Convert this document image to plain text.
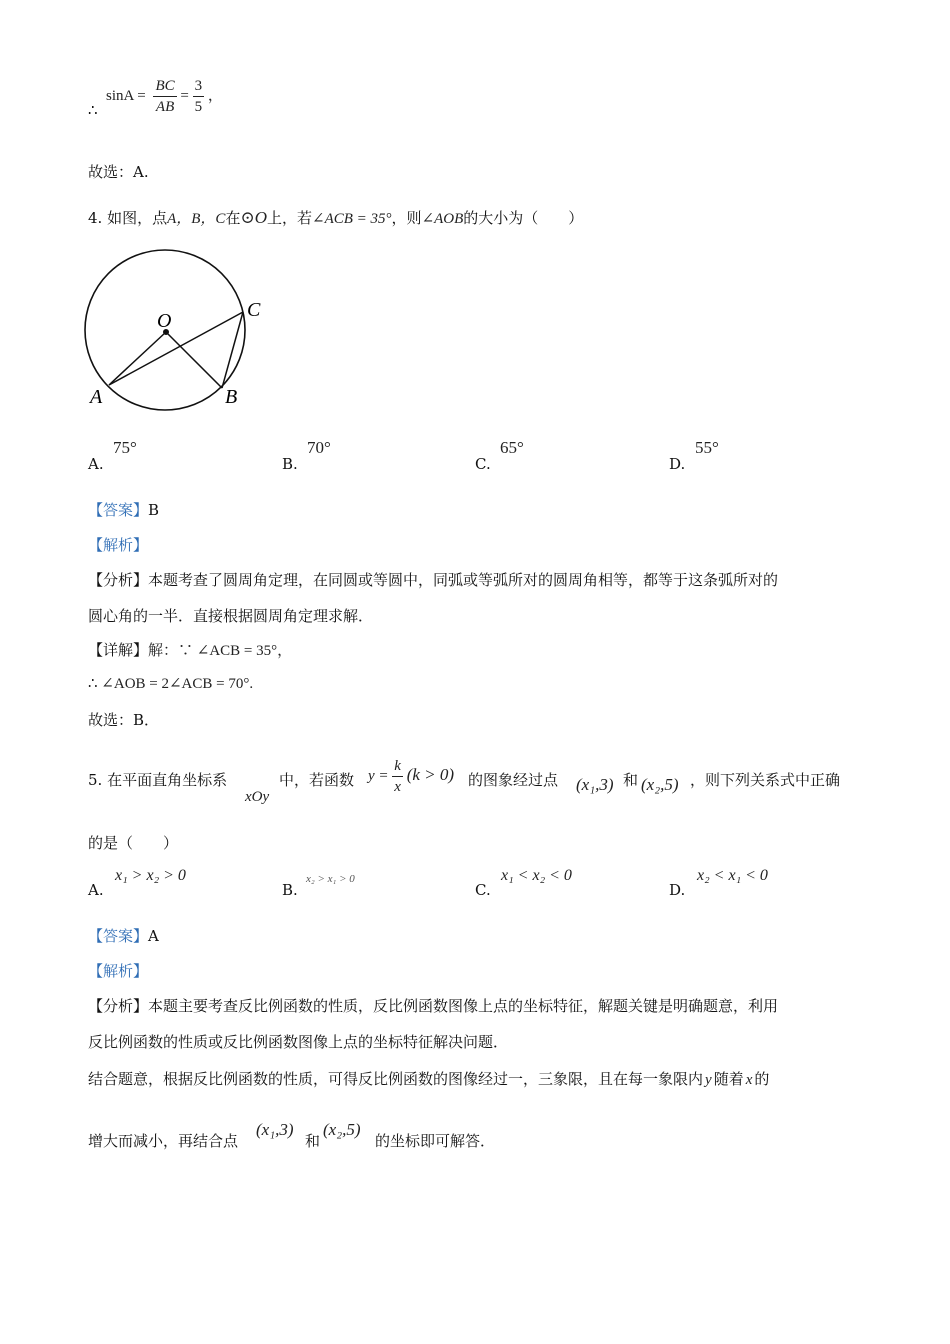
∴
$\sin A = \frac{BC}{AB} = \frac{3}{5}$ ，
故选：A.
4. 如图，点A，B，C在⊙O上，若∠ACB = 35°，则∠AOB的大小为（　　）
O
A	B
C
A.
75°
B.
70°
C.
65°
D.
55°
【答案】B
【解析】
【分析】本题考查了圆周角定理，在同圆或等圆中，同弧或等弧所对的圆周角相等，都等于这条弧所对的
圆心角的一半．直接根据圆周角定理求解．
【详解】解：∵ ∠ACB = 35°，
∴ ∠AOB = 2∠ACB = 70°.
故选：B．
5. 在平面直角坐标系
xOy
中，若函数 $y = \frac{k}{x} (k > 0)$ 的图象经过点 (x₁,3) 和 (x₂,5) ，则下列关系式中正确
的是（　　）
A.
x₁ > x₂ > 0
B.
x₂ > x₁ > 0
C.
x₁ < x₂ < 0
D.
x₂ < x₁ < 0
【答案】A
【解析】
【分析】本题主要考查反比例函数的性质，反比例函数图像上点的坐标特征，解题关键是明确题意，利用
反比例函数的性质或反比例函数图像上点的坐标特征解决问题．
结合题意，根据反比例函数的性质，可得反比例函数的图像经过一，三象限，且在每一象限内 y 随着 x 的
增大而减小，再结合点
(x₁,3)
和
(x₂,5)
的坐标即可解答．
